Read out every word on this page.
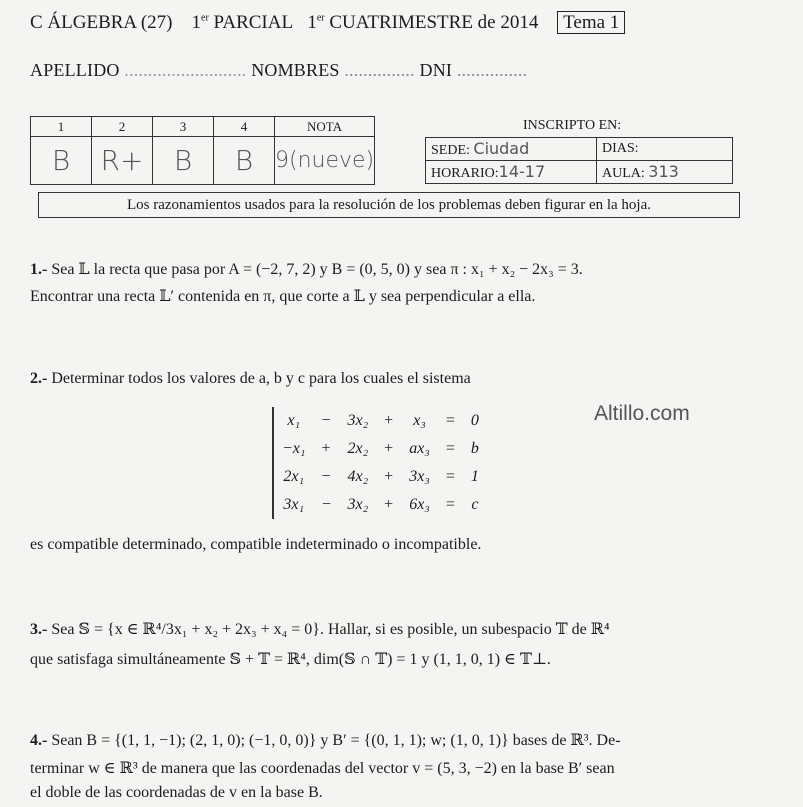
C ÁLGEBRA (27) 1er PARCIAL 1er CUATRIMESTRE de 2014 Tema 1
APELLIDO .......................... NOMBRES ............... DNI ...............
1	2	3	4	NOTA
B	R+	B	B	9(nueve)
INSCRIPTO EN:
SEDE: Ciudad	DIAS:
HORARIO:14-17	AULA: 313
Los razonamientos usados para la resolución de los problemas deben figurar en la hoja.
1.- Sea 𝕃 la recta que pasa por A = (−2, 7, 2) y B = (0, 5, 0) y sea π : x₁ + x₂ − 2x₃ = 3.
Encontrar una recta 𝕃′ contenida en π, que corte a 𝕃 y sea perpendicular a ella.
2.- Determinar todos los valores de a, b y c para los cuales el sistema
x₁	−	3x₂	+	x₃	=	0
−x₁	+	2x₂	+	ax₃	=	b
2x₁	−	4x₂	+	3x₃	=	1
3x₁	−	3x₂	+	6x₃	=	c
Altillo.com
es compatible determinado, compatible indeterminado o incompatible.
3.- Sea 𝕊 = {x ∈ ℝ⁴/3x₁ + x₂ + 2x₃ + x₄ = 0}. Hallar, si es posible, un subespacio 𝕋 de ℝ⁴
que satisfaga simultáneamente 𝕊 + 𝕋 = ℝ⁴, dim(𝕊 ∩ 𝕋) = 1 y (1, 1, 0, 1) ∈ 𝕋⊥.
4.- Sean B = {(1, 1, −1); (2, 1, 0); (−1, 0, 0)} y B′ = {(0, 1, 1); w; (1, 0, 1)} bases de ℝ³. De-
terminar w ∈ ℝ³ de manera que las coordenadas del vector v = (5, 3, −2) en la base B′ sean
el doble de las coordenadas de v en la base B.
